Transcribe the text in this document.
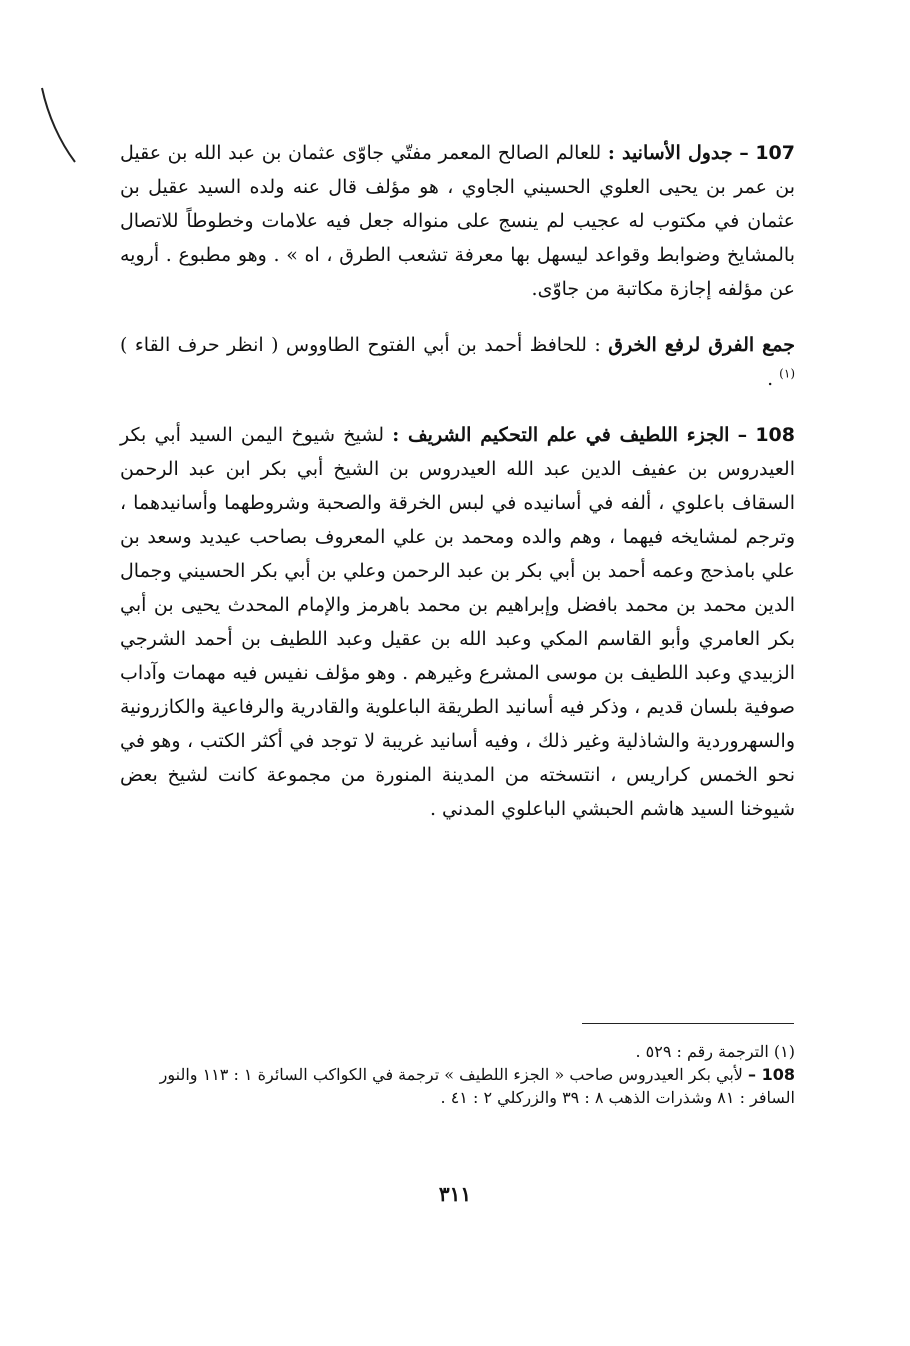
107 – جدول الأسانيد : للعالم الصالح المعمر مفتّي جاوّى عثمان بن عبد الله بن عقيل بن عمر بن يحيى العلوي الحسيني الجاوي ، هو مؤلف قال عنه ولده السيد عقيل بن عثمان في مكتوب له عجيب لم ينسج على منواله جعل فيه علامات وخطوطاً للاتصال بالمشايخ وضوابط وقواعد ليسهل بها معرفة تشعب الطرق ، اه » . وهو مطبوع . أرويه عن مؤلفه إجازة مكاتبة من جاوّى.

جمع الفرق لرفع الخرق : للحافظ أحمد بن أبي الفتوح الطاووس ( انظر حرف القاء ) $^{(١)}$ .

108 – الجزء اللطيف في علم التحكيم الشريف : لشيخ شيوخ اليمن السيد أبي بكر العيدروس بن عفيف الدين عبد الله العيدروس بن الشيخ أبي بكر ابن عبد الرحمن السقاف باعلوي ، ألفه في أسانيده في لبس الخرقة والصحبة وشروطهما وأسانيدهما ، وترجم لمشايخه فيهما ، وهم والده ومحمد بن علي المعروف بصاحب عيديد وسعد بن علي بامذحج وعمه أحمد بن أبي بكر بن عبد الرحمن وعلي بن أبي بكر الحسيني وجمال الدين محمد بن محمد بافضل وإبراهيم بن محمد باهرمز والإمام المحدث يحيى بن أبي بكر العامري وأبو القاسم المكي وعبد الله بن عقيل وعبد اللطيف بن أحمد الشرجي الزبيدي وعبد اللطيف بن موسى المشرع وغيرهم . وهو مؤلف نفيس فيه مهمات وآداب صوفية بلسان قديم ، وذكر فيه أسانيد الطريقة الباعلوية والقادرية والرفاعية والكازرونية والسهروردية والشاذلية وغير ذلك ، وفيه أسانيد غريبة لا توجد في أكثر الكتب ، وهو في نحو الخمس كراريس ، انتسخته من المدينة المنورة من مجموعة كانت لشيخ بعض شيوخنا السيد هاشم الحبشي الباعلوي المدني .

(١) الترجمة رقم : ٥٢٩ .

108 – لأبي بكر العيدروس صاحب « الجزء اللطيف » ترجمة في الكواكب السائرة ١ : ١١٣ والنور السافر : ٨١ وشذرات الذهب ٨ : ٣٩ والزركلي ٢ : ٤١ .

٣١١
